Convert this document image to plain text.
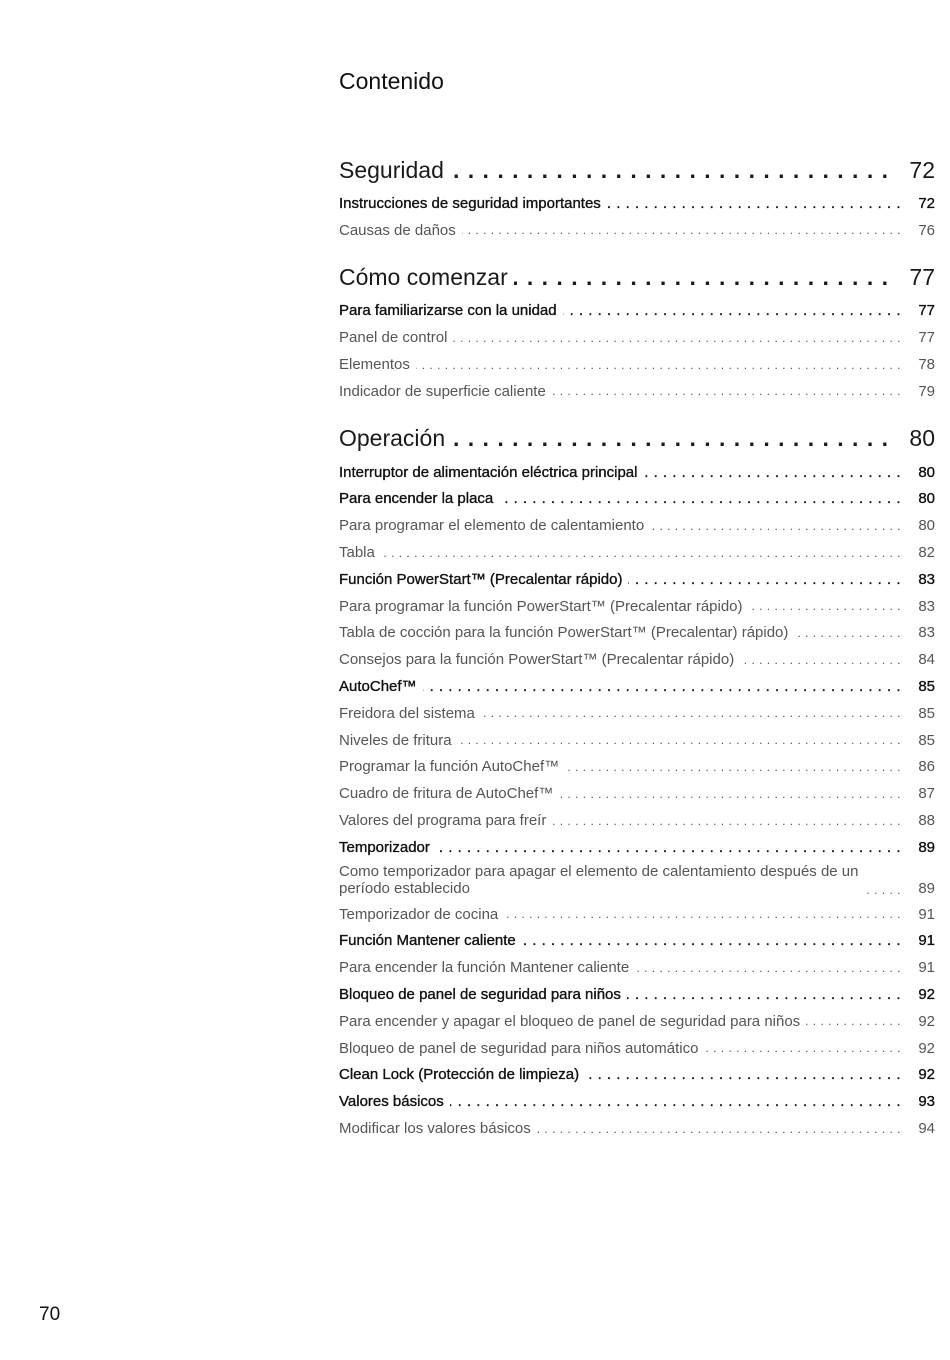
Contenido
Seguridad . . .	72
Instrucciones de seguridad importantes . . .	72
Causas de daños . . .	76
Cómo comenzar . . .	77
Para familiarizarse con la unidad . . .	77
Panel de control . . .	77
Elementos . . .	78
Indicador de superficie caliente . . .	79
Operación . . .	80
Interruptor de alimentación eléctrica principal . . .	80
Para encender la placa . . .	80
Para programar el elemento de calentamiento . . .	80
Tabla . . .	82
Función PowerStart™ (Precalentar rápido) . . .	83
Para programar la función PowerStart™ (Precalentar rápido) . . .	83
Tabla de cocción para la función PowerStart™ (Precalentar) rápido) . . .	83
Consejos para la función PowerStart™ (Precalentar rápido) . . .	84
AutoChef™ . . .	85
Freidora del sistema . . .	85
Niveles de fritura . . .	85
Programar la función AutoChef™ . . .	86
Cuadro de fritura de AutoChef™ . . .	87
Valores del programa para freír . . .	88
Temporizador . . .	89
Como temporizador para apagar el elemento de calentamiento después de un período establecido . . .	89
Temporizador de cocina . . .	91
Función Mantener caliente . . .	91
Para encender la función Mantener caliente . . .	91
Bloqueo de panel de seguridad para niños . . .	92
Para encender y apagar el bloqueo de panel de seguridad para niños . . .	92
Bloqueo de panel de seguridad para niños automático . . .	92
Clean Lock (Protección de limpieza) . . .	92
Valores básicos . . .	93
Modificar los valores básicos . . .	94
70
